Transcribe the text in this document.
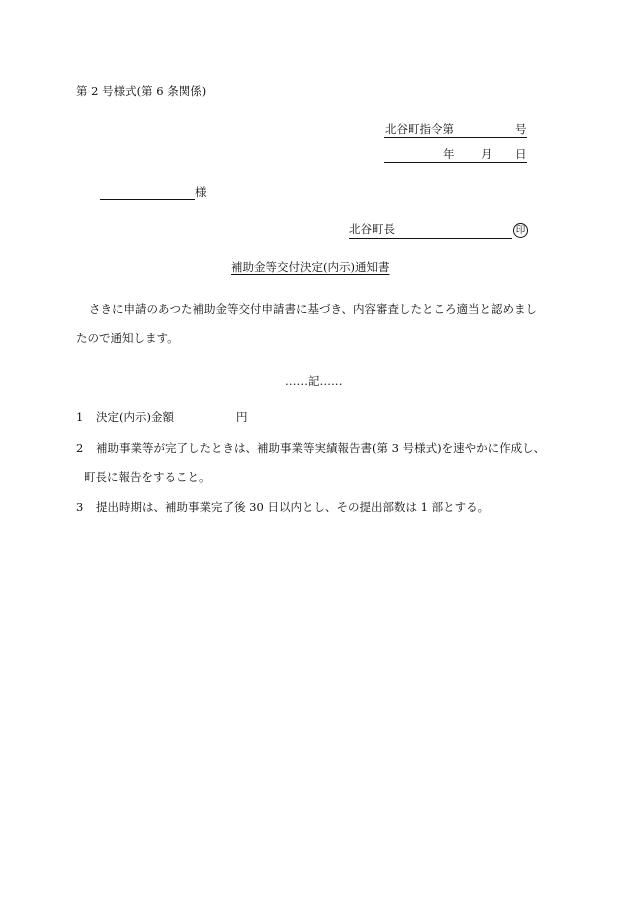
第 2 号様式(第 6 条関係)
北谷町指令第	号
年 月 日
様
北谷町長	印
補助金等交付決定(内示)通知書
さきに申請のあつた補助金等交付申請書に基づき、内容審査したところ適当と認めまし
たので通知します。
……記……
1 決定(内示)金額	円
2 補助事業等が完了したときは、補助事業等実績報告書(第 3 号様式)を速やかに作成し、
町長に報告をすること。
3 提出時期は、補助事業完了後 30 日以内とし、その提出部数は 1 部とする。
